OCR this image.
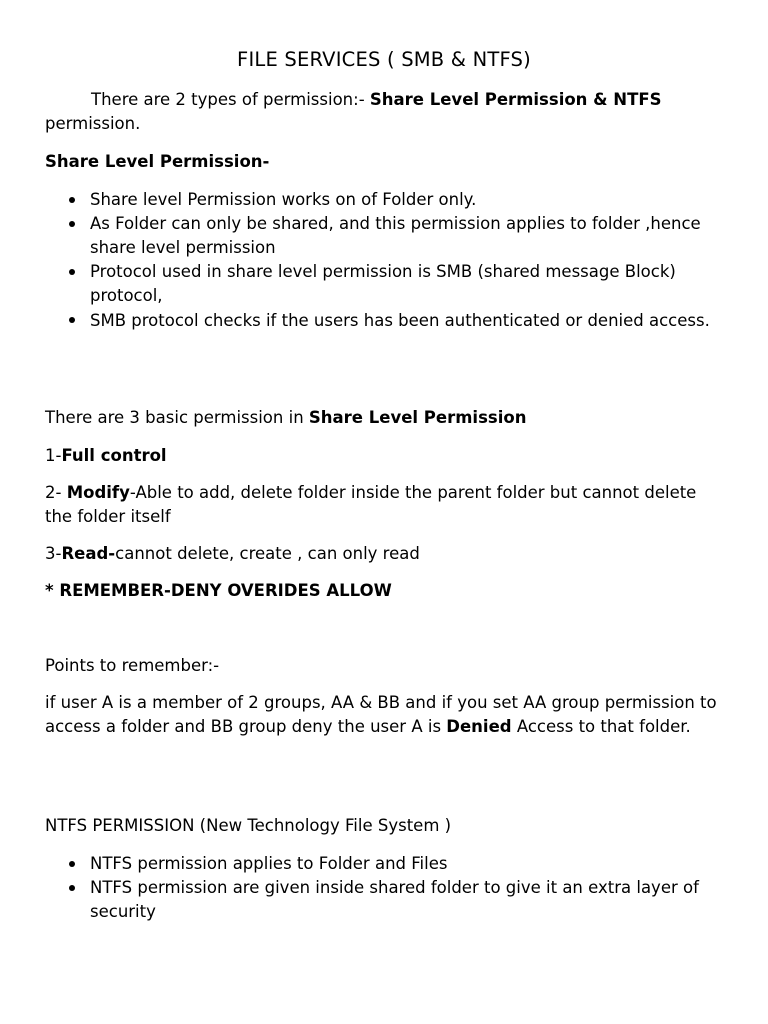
FILE SERVICES ( SMB & NTFS)

There are 2 types of permission:- Share Level Permission & NTFS
permission.

Share Level Permission-

Share level Permission works on of Folder only.
As Folder can only be shared, and this permission applies to folder ,hence share level permission
Protocol used in share level permission is SMB (shared message Block) protocol,
SMB protocol checks if the users has been authenticated or denied access.

There are 3 basic permission in Share Level Permission

1-Full control

2- Modify-Able to add, delete folder inside the parent folder but cannot delete the folder itself

3-Read-cannot delete, create , can only read

* REMEMBER-DENY OVERIDES ALLOW

Points to remember:-

if user A is a member of 2 groups, AA & BB and if you set AA group permission to access a folder and BB group deny the user A is Denied Access to that folder.

NTFS PERMISSION (New Technology File System )

NTFS permission applies to Folder and Files
NTFS permission are given inside shared folder to give it an extra layer of security
